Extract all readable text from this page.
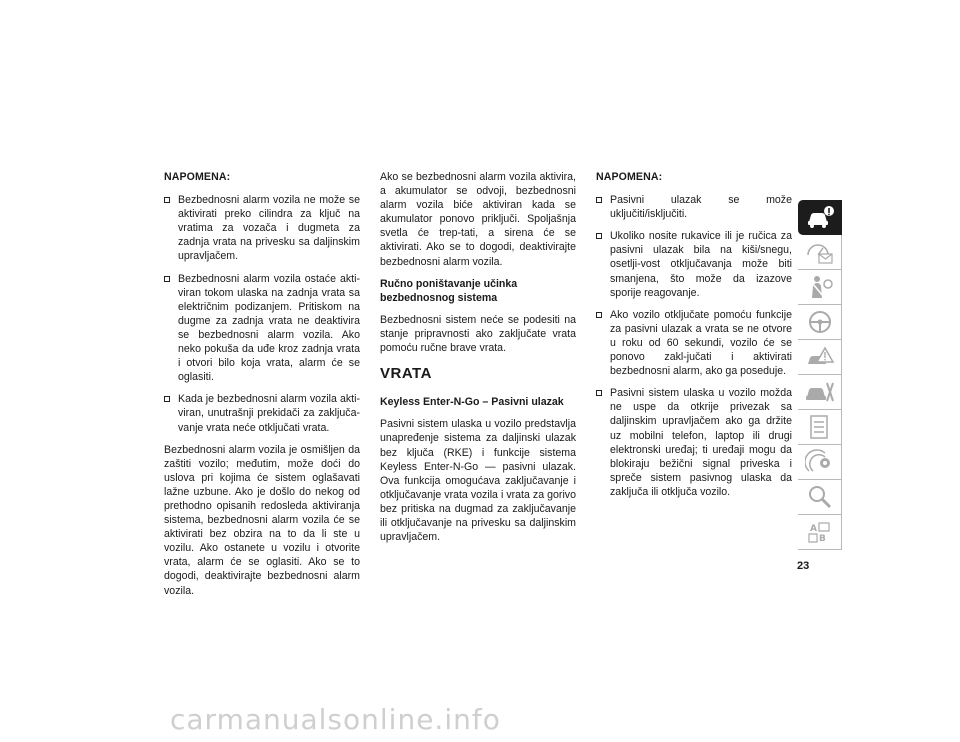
NAPOMENA:
Bezbednosni alarm vozila ne može se aktivirati preko cilindra za ključ na vratima za vozača i dugmeta za zadnja vrata na privesku sa daljinskim upravljačem.
Bezbednosni alarm vozila ostaće akti-viran tokom ulaska na zadnja vrata sa električnim podizanjem. Pritiskom na dugme za zadnja vrata ne deaktivira se bezbednosni alarm vozila. Ako neko pokuša da uđe kroz zadnja vrata i otvori bilo koja vrata, alarm će se oglasiti.
Kada je bezbednosni alarm vozila akti-viran, unutrašnji prekidači za zaključa-vanje vrata neće otključati vrata.

Bezbednosni alarm vozila je osmišljen da zaštiti vozilo; međutim, može doći do uslova pri kojima će sistem oglašavati lažne uzbune. Ako je došlo do nekog od prethodno opisanih redosleda aktiviranja sistema, bezbednosni alarm vozila će se aktivirati bez obzira na to da li ste u vozilu. Ako ostanete u vozilu i otvorite vrata, alarm će se oglasiti. Ako se to dogodi, deaktivirajte bezbednosni alarm vozila.

Ako se bezbednosni alarm vozila aktivira, a akumulator se odvoji, bezbednosni alarm vozila biće aktiviran kada se akumulator ponovo priključi. Spoljašnja svetla će trep-tati, a sirena će se aktivirati. Ako se to dogodi, deaktivirajte bezbednosni alarm vozila.

Ručno poništavanje učinka bezbednosnog sistema

Bezbednosni sistem neće se podesiti na stanje pripravnosti ako zaključate vrata pomoću ručne brave vrata.

VRATA
Keyless Enter-N-Go – Pasivni ulazak

Pasivni sistem ulaska u vozilo predstavlja unapređenje sistema za daljinski ulazak bez ključa (RKE) i funkcije sistema Keyless Enter-N-Go — pasivni ulazak. Ova funkcija omogućava zaključavanje i otključavanje vrata vozila i vrata za gorivo bez pritiska na dugmad za zaključavanje ili otključavanje na privesku sa daljinskim upravljačem.

NAPOMENA:
Pasivni ulazak se može uključiti/isključiti.
Ukoliko nosite rukavice ili je ručica za pasivni ulazak bila na kiši/snegu, osetlji-vost otključavanja može biti smanjena, što može da izazove sporije reagovanje.
Ako vozilo otključate pomoću funkcije za pasivni ulazak a vrata se ne otvore u roku od 60 sekundi, vozilo će se ponovo zakl-jučati i aktivirati bezbednosni alarm, ako ga poseduje.
Pasivni sistem ulaska u vozilo možda ne uspe da otkrije privezak sa daljinskim upravljačem ako ga držite uz mobilni telefon, laptop ili drugi elektronski uređaj; ti uređaji mogu da blokiraju bežični signal priveska i spreče sistem pasivnog ulaska da zaključa ili otključa vozilo.
23
A
B
carmanualsonline.info
